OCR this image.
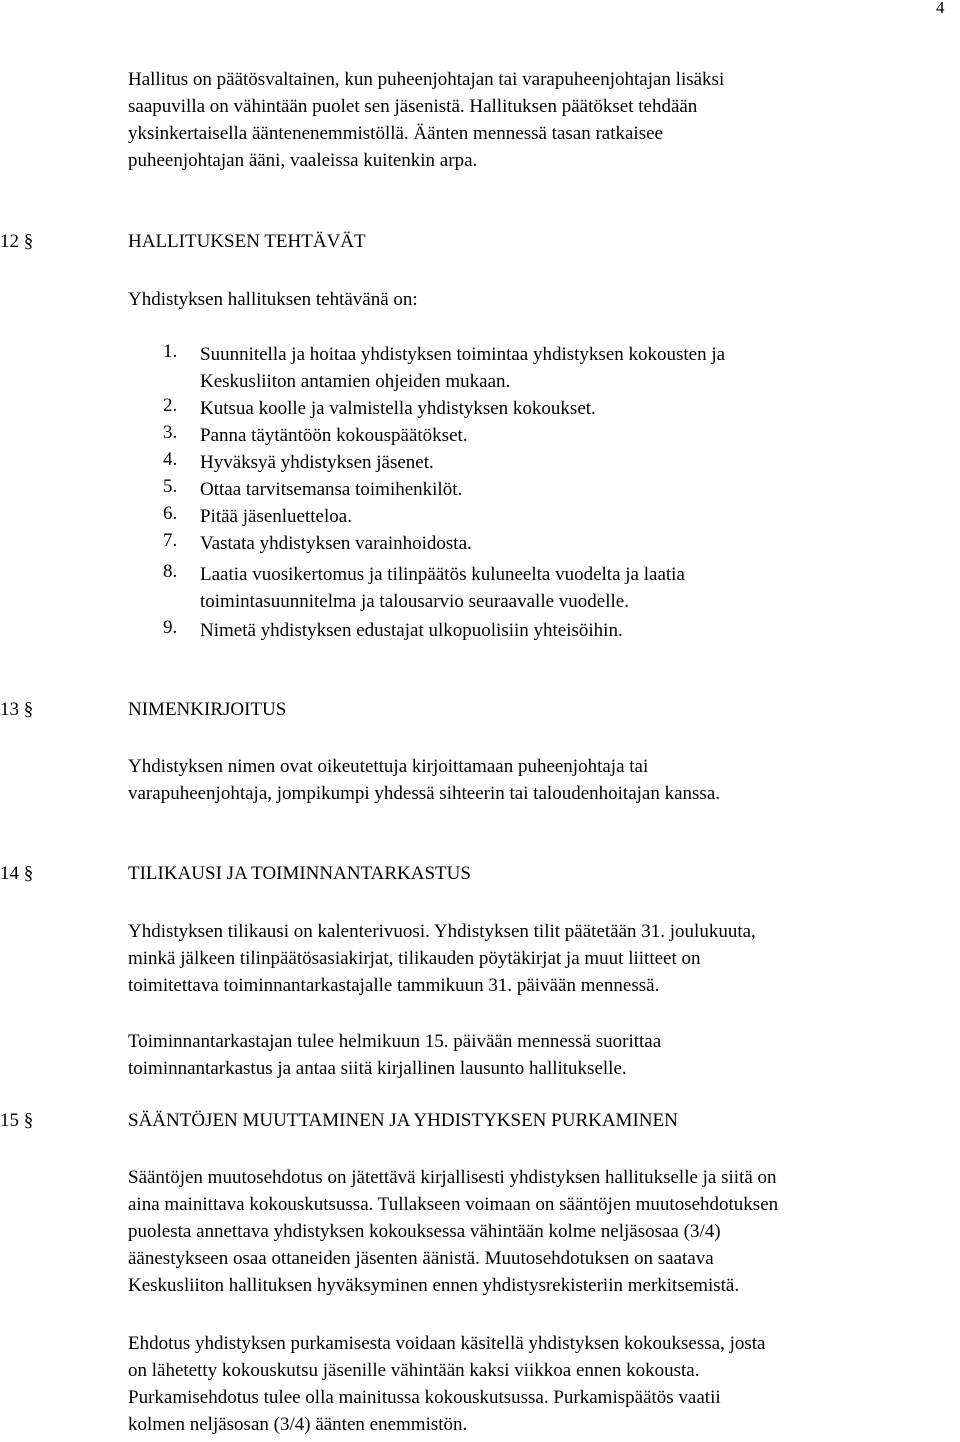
4
Hallitus on päätösvaltainen, kun puheenjohtajan tai varapuheenjohtajan lisäksi
saapuvilla on vähintään puolet sen jäsenistä. Hallituksen päätökset tehdään
yksinkertaisella ääntenenemmistöllä. Äänten mennessä tasan ratkaisee
puheenjohtajan ääni, vaaleissa kuitenkin arpa.
12 §	HALLITUKSEN TEHTÄVÄT
Yhdistyksen hallituksen tehtävänä on:
1. Suunnitella ja hoitaa yhdistyksen toimintaa yhdistyksen kokousten ja
Keskusliiton antamien ohjeiden mukaan.
2. Kutsua koolle ja valmistella yhdistyksen kokoukset.
3. Panna täytäntöön kokouspäätökset.
4. Hyväksyä yhdistyksen jäsenet.
5. Ottaa tarvitsemansa toimihenkilöt.
6. Pitää jäsenluetteloa.
7. Vastata yhdistyksen varainhoidosta.
8. Laatia vuosikertomus ja tilinpäätös kuluneelta vuodelta ja laatia
toimintasuunnitelma ja talousarvio seuraavalle vuodelle.
9. Nimetä yhdistyksen edustajat ulkopuolisiin yhteisöihin.
13 §	NIMENKIRJOITUS
Yhdistyksen nimen ovat oikeutettuja kirjoittamaan puheenjohtaja tai
varapuheenjohtaja, jompikumpi yhdessä sihteerin tai taloudenhoitajan kanssa.
14 §	TILIKAUSI JA TOIMINNANTARKASTUS
Yhdistyksen tilikausi on kalenterivuosi. Yhdistyksen tilit päätetään 31. joulukuuta,
minkä jälkeen tilinpäätösasiakirjat, tilikauden pöytäkirjat ja muut liitteet on
toimitettava toiminnantarkastajalle tammikuun 31. päivään mennessä.
Toiminnantarkastajan tulee helmikuun 15. päivään mennessä suorittaa
toiminnantarkastus ja antaa siitä kirjallinen lausunto hallitukselle.
15 §	SÄÄNTÖJEN MUUTTAMINEN JA YHDISTYKSEN PURKAMINEN
Sääntöjen muutosehdotus on jätettävä kirjallisesti yhdistyksen hallitukselle ja siitä on
aina mainittava kokouskutsussa. Tullakseen voimaan on sääntöjen muutosehdotuksen
puolesta annettava yhdistyksen kokouksessa vähintään kolme neljäsosaa (3/4)
äänestykseen osaa ottaneiden jäsenten äänistä. Muutosehdotuksen on saatava
Keskusliiton hallituksen hyväksyminen ennen yhdistysrekisteriin merkitsemistä.
Ehdotus yhdistyksen purkamisesta voidaan käsitellä yhdistyksen kokouksessa, josta
on lähetetty kokouskutsu jäsenille vähintään kaksi viikkoa ennen kokousta.
Purkamisehdotus tulee olla mainitussa kokouskutsussa. Purkamispäätös vaatii
kolmen neljäsosan (3/4) äänten enemmistön.
